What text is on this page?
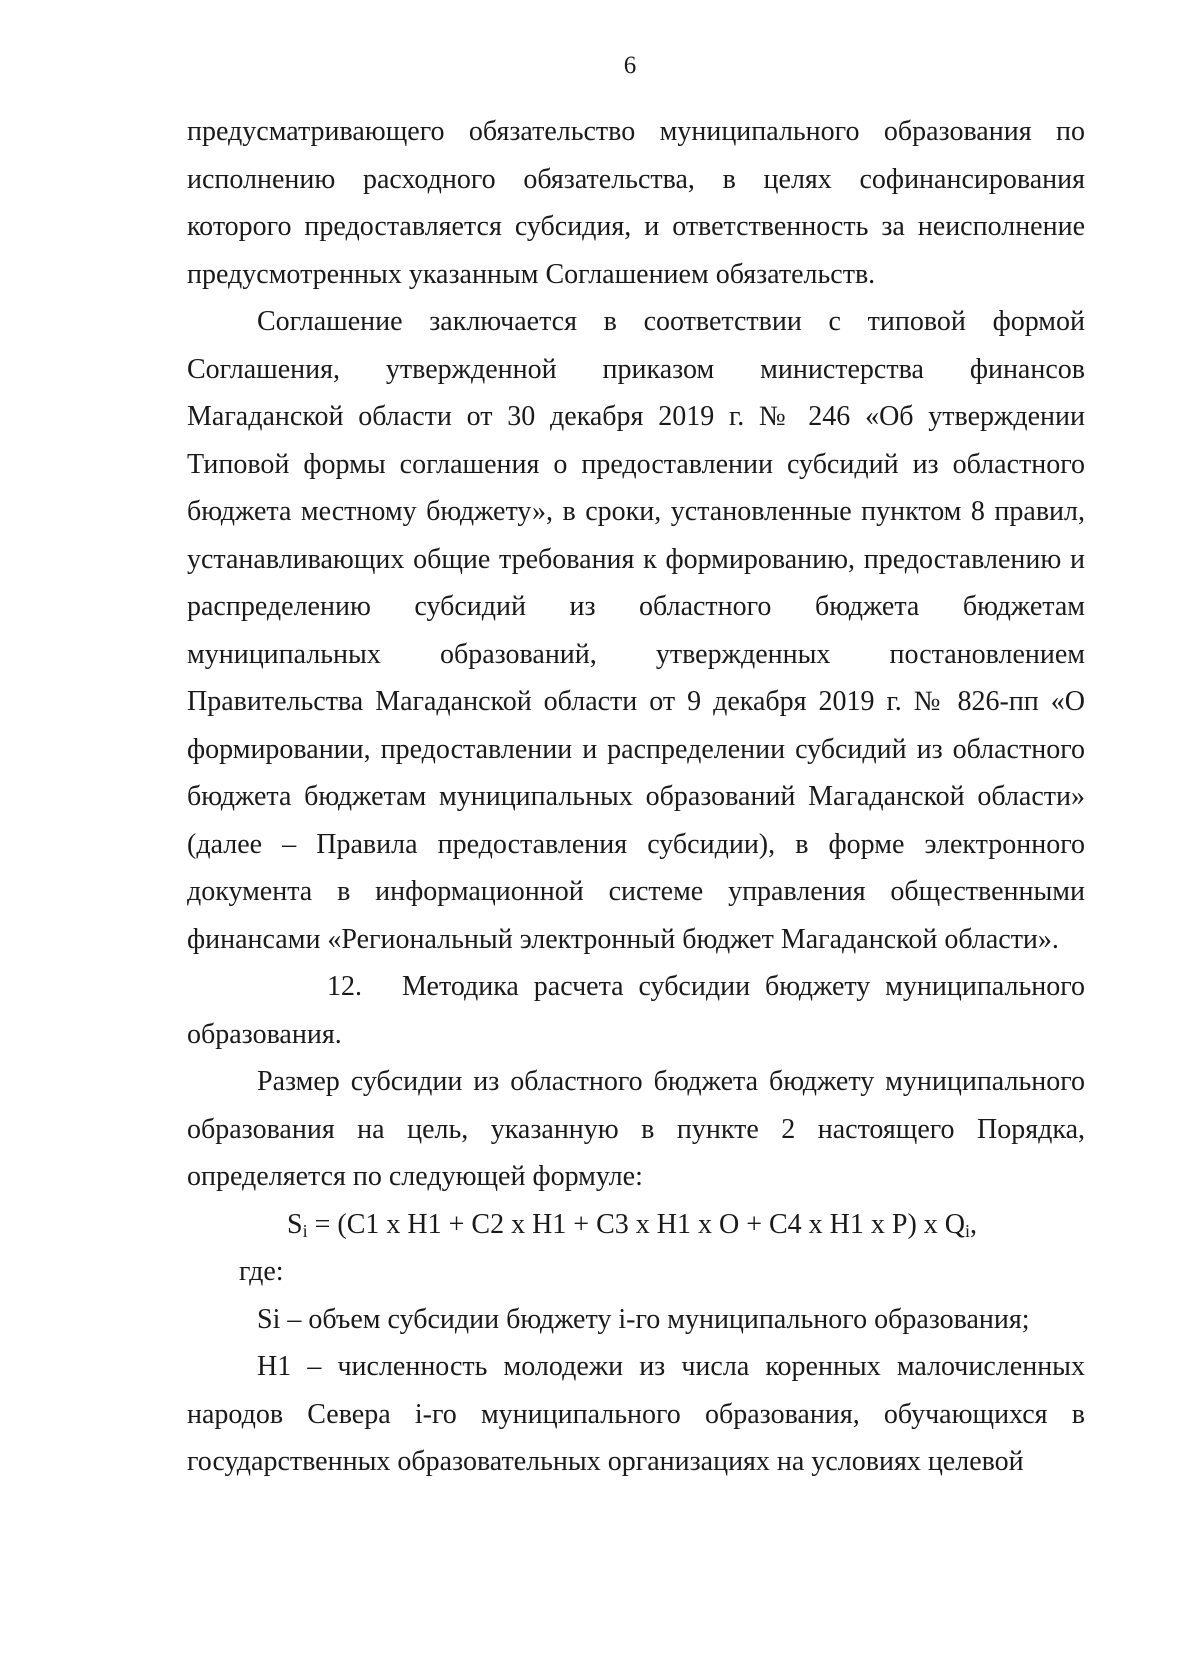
6

предусматривающего обязательство муниципального образования по исполнению расходного обязательства, в целях софинансирования которого предоставляется субсидия, и ответственность за неисполнение предусмотренных указанным Соглашением обязательств.

Соглашение заключается в соответствии с типовой формой Соглашения, утвержденной приказом министерства финансов Магаданской области от 30 декабря 2019 г. № 246 «Об утверждении Типовой формы соглашения о предоставлении субсидий из областного бюджета местному бюджету», в сроки, установленные пунктом 8 правил, устанавливающих общие требования к формированию, предоставлению и распределению субсидий из областного бюджета бюджетам муниципальных образований, утвержденных постановлением Правительства Магаданской области от 9 декабря 2019 г. № 826-пп «О формировании, предоставлении и распределении субсидий из областного бюджета бюджетам муниципальных образований Магаданской области» (далее – Правила предоставления субсидии), в форме электронного документа в информационной системе управления общественными финансами «Региональный электронный бюджет Магаданской области».

12. Методика расчета субсидии бюджету муниципального образования.

Размер субсидии из областного бюджета бюджету муниципального образования на цель, указанную в пункте 2 настоящего Порядка, определяется по следующей формуле:

$S_i = (С1$ х Н1 + С2 х Н1 + С3 х Н1 х О + С4 х Н1 х Р) х $Q_i$,

где:

Si – объем субсидии бюджету i-го муниципального образования;

Н1 – численность молодежи из числа коренных малочисленных народов Севера i-го муниципального образования, обучающихся в государственных образовательных организациях на условиях целевой
